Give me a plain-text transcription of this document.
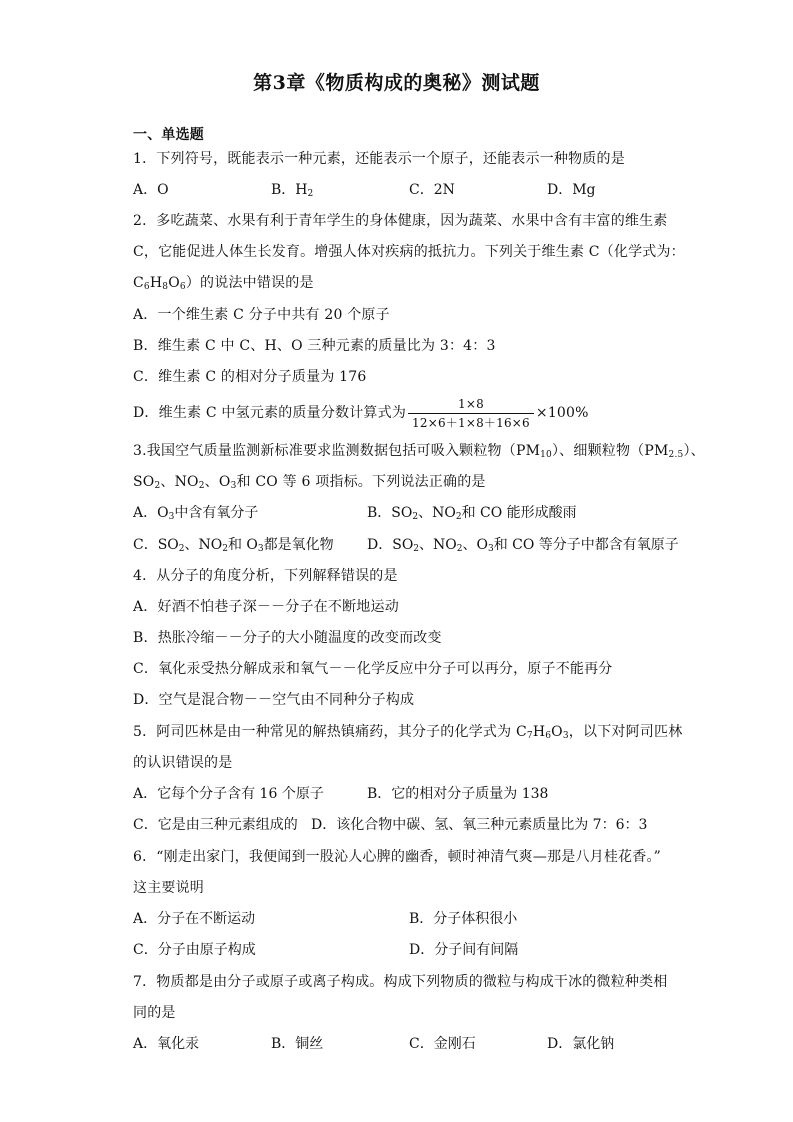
第3章《物质构成的奥秘》测试题
一、单选题
1．下列符号，既能表示一种元素，还能表示一个原子，还能表示一种物质的是
A．O	B．$H_2$	C．2N	D．Mg
2．多吃蔬菜、水果有利于青年学生的身体健康，因为蔬菜、水果中含有丰富的维生素
C，它能促进人体生长发育。增强人体对疾病的抵抗力。下列关于维生素 C（化学式为：
$C_6H_8O_6$）的说法中错误的是
A．一个维生素 C 分子中共有 20 个原子
B．维生素 C 中 C、H、O 三种元素的质量比为 3：4：3
C．维生素 C 的相对分子质量为 176
D．维生素 C 中氢元素的质量分数计算式为 $\frac{1\times 8}{12\times 6+1\times 8+16\times 6} \times 100\%$
3.我国空气质量监测新标准要求监测数据包括可吸入颗粒物$(PM_{10})$、细颗粒物$(PM_{2.5})$、
$SO_2$、$NO_2$、$O_3$和 CO 等 6 项指标。下列说法正确的是
A．$O_3$中含有氧分子	B．$SO_2$、$NO_2$和 CO 能形成酸雨
C．$SO_2$、$NO_2$和 $O_3$都是氧化物 D．$SO_2$、$NO_2$、$O_3$和 CO 等分子中都含有氧原子
4．从分子的角度分析，下列解释错误的是
A．好酒不怕巷子深－－分子在不断地运动
B．热胀冷缩－－分子的大小随温度的改变而改变
C．氧化汞受热分解成汞和氧气－－化学反应中分子可以再分，原子不能再分
D．空气是混合物－－空气由不同种分子构成
5．阿司匹林是由一种常见的解热镇痛药，其分子的化学式为 $C_7H_6O_3$，以下对阿司匹林
的认识错误的是
A．它每个分子含有 16 个原子	B．它的相对分子质量为 138
C．它是由三种元素组成的 D．该化合物中碳、氢、氧三种元素质量比为 7：6：3
6．“刚走出家门，我便闻到一股沁人心脾的幽香，顿时神清气爽—那是八月桂花香。”
这主要说明
A．分子在不断运动	B．分子体积很小
C．分子由原子构成	D．分子间有间隔
7．物质都是由分子或原子或离子构成。构成下列物质的微粒与构成干冰的微粒种类相
同的是
A．氧化汞	B．铜丝	C．金刚石	D．氯化钠
